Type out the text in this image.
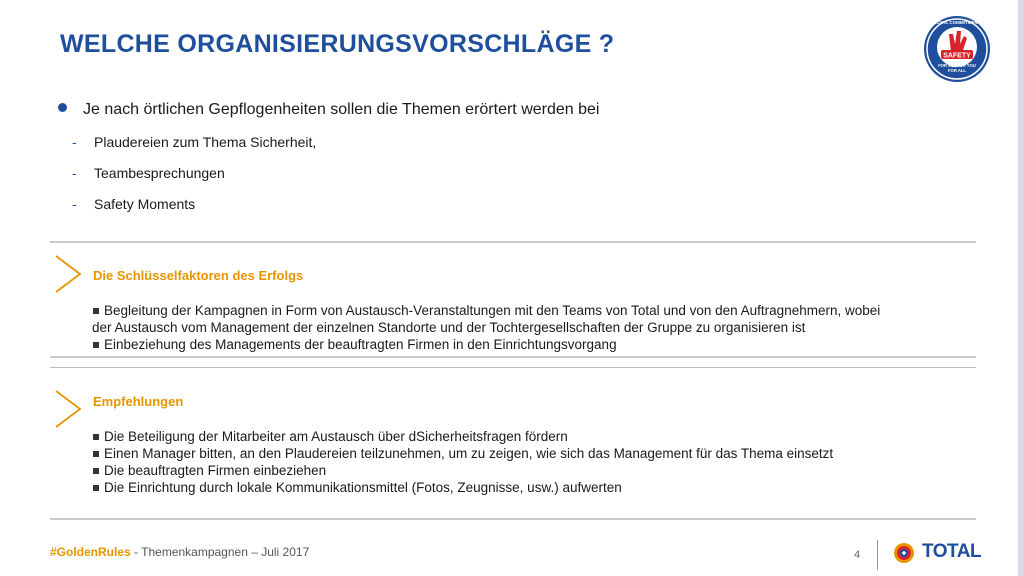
WELCHE ORGANISIERUNGSVORSCHLÄGE ?	SAFETY
FOR ME, FOR YOU
FOR ALL
TOTAL COMMITMENT
Je nach örtlichen Gepflogenheiten sollen die Themen erörtert werden bei
- Plaudereien zum Thema Sicherheit,
- Teambesprechungen
- Safety Moments
Die Schlüsselfaktoren des Erfolgs
Begleitung der Kampagnen in Form von Austausch-Veranstaltungen mit den Teams von Total und von den Auftragnehmern, wobei
der Austausch vom Management der einzelnen Standorte und der Tochtergesellschaften der Gruppe zu organisieren ist
Einbeziehung des Managements der beauftragten Firmen in den Einrichtungsvorgang
Empfehlungen
Die Beteiligung der Mitarbeiter am Austausch über dSicherheitsfragen fördern
Einen Manager bitten, an den Plaudereien teilzunehmen, um zu zeigen, wie sich das Management für das Thema einsetzt
Die beauftragten Firmen einbeziehen
Die Einrichtung durch lokale Kommunikationsmittel (Fotos, Zeugnisse, usw.) aufwerten
#GoldenRules - Themenkampagnen – Juli 2017	4	TOTAL
